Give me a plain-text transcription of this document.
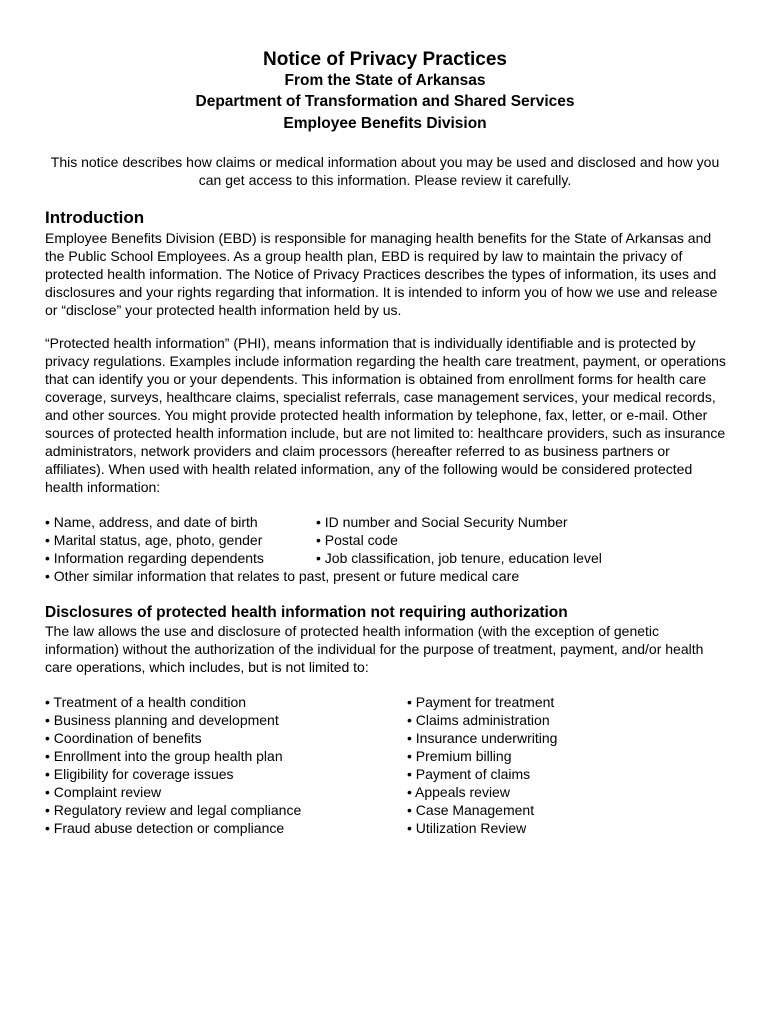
Notice of Privacy Practices
From the State of Arkansas
Department of Transformation and Shared Services
Employee Benefits Division

This notice describes how claims or medical information about you may be used and disclosed and how you can get access to this information. Please review it carefully.

Introduction

Employee Benefits Division (EBD) is responsible for managing health benefits for the State of Arkansas and the Public School Employees. As a group health plan, EBD is required by law to maintain the privacy of protected health information. The Notice of Privacy Practices describes the types of information, its uses and disclosures and your rights regarding that information. It is intended to inform you of how we use and release or “disclose” your protected health information held by us.

“Protected health information” (PHI), means information that is individually identifiable and is protected by privacy regulations. Examples include information regarding the health care treatment, payment, or operations that can identify you or your dependents. This information is obtained from enrollment forms for health care coverage, surveys, healthcare claims, specialist referrals, case management services, your medical records, and other sources. You might provide protected health information by telephone, fax, letter, or e-mail. Other sources of protected health information include, but are not limited to: healthcare providers, such as insurance administrators, network providers and claim processors (hereafter referred to as business partners or affiliates). When used with health related information, any of the following would be considered protected health information:

• Name, address, and date of birth
• Marital status, age, photo, gender
• Information regarding dependents
• Other similar information that relates to past, present or future medical care
• ID number and Social Security Number
• Postal code
• Job classification, job tenure, education level
Disclosures of protected health information not requiring authorization

The law allows the use and disclosure of protected health information (with the exception of genetic information) without the authorization of the individual for the purpose of treatment, payment, and/or health care operations, which includes, but is not limited to:

• Treatment of a health condition
• Business planning and development
• Coordination of benefits
• Enrollment into the group health plan
• Eligibility for coverage issues
• Complaint review
• Regulatory review and legal compliance
• Fraud abuse detection or compliance
• Payment for treatment
• Claims administration
• Insurance underwriting
• Premium billing
• Payment of claims
• Appeals review
• Case Management
• Utilization Review
